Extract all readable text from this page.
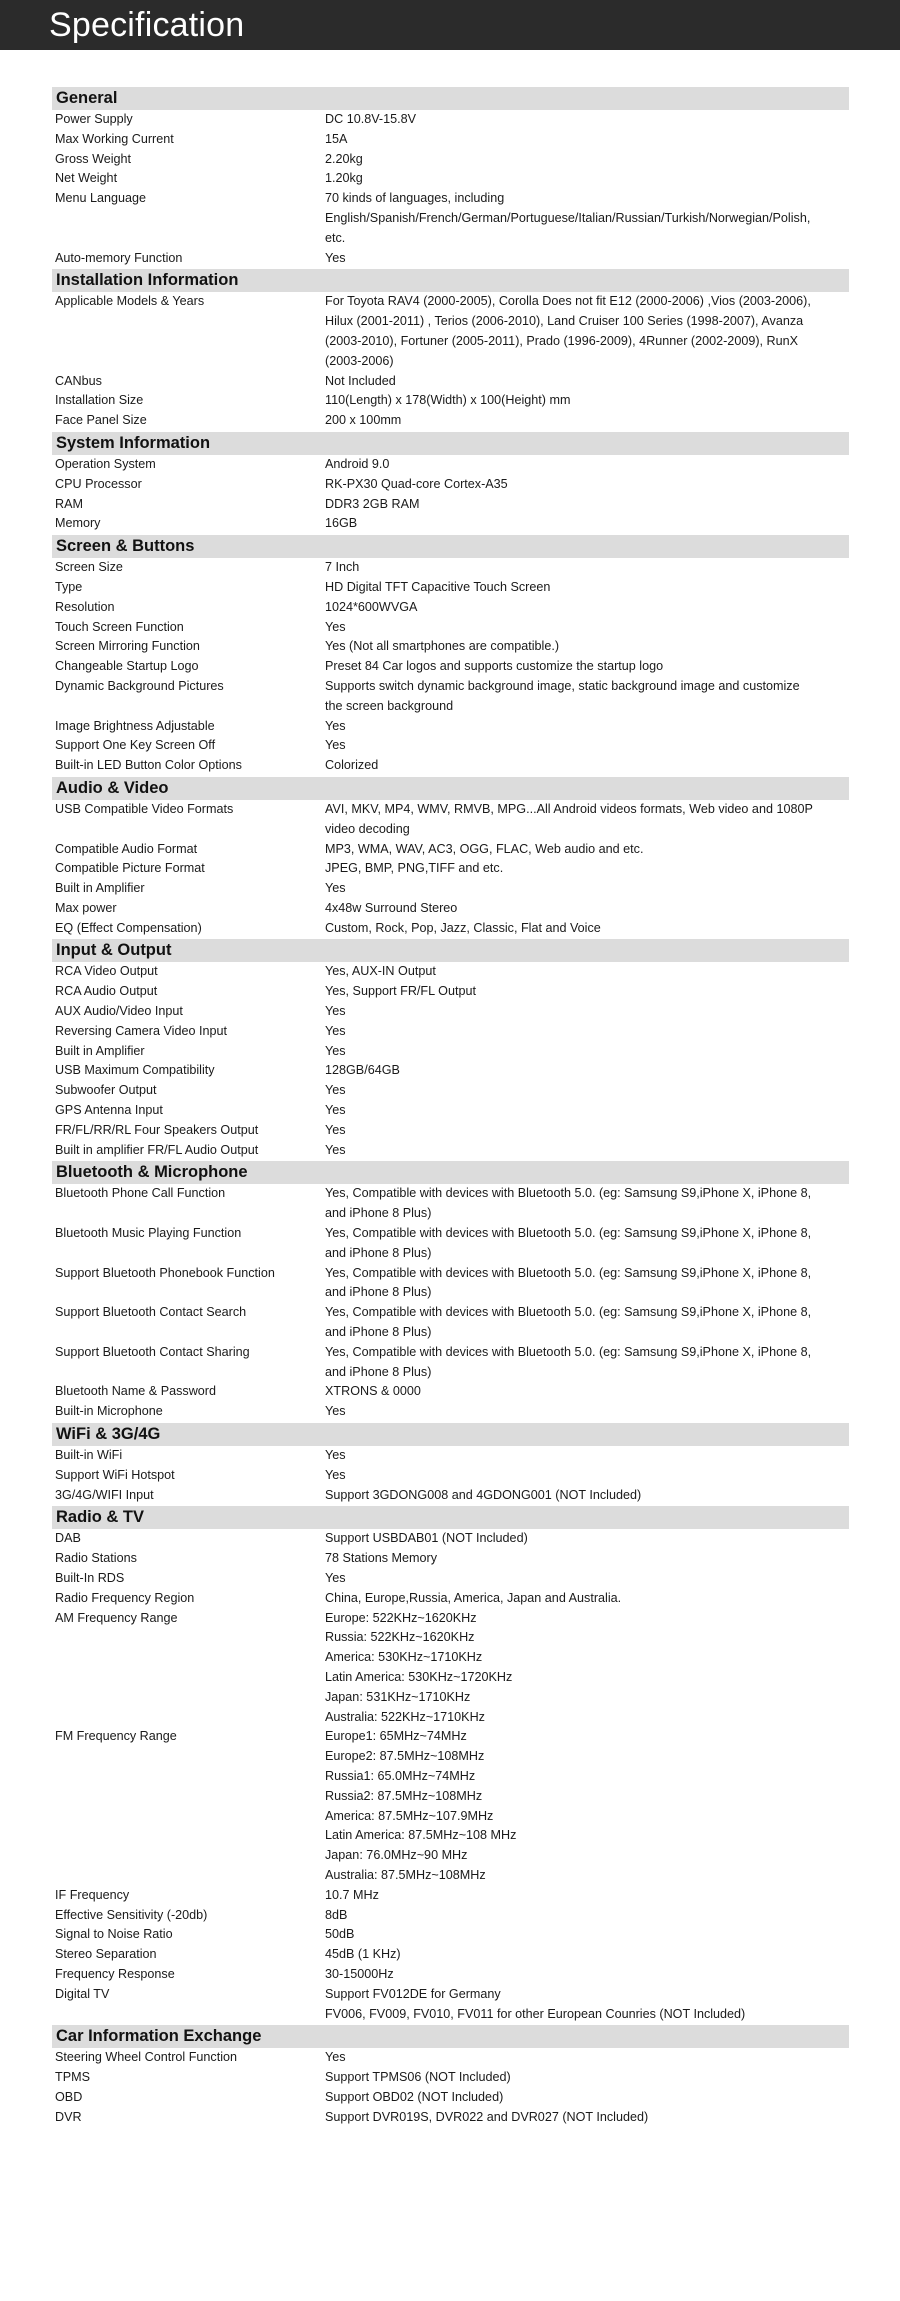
Specification
General
Power Supply	DC 10.8V-15.8V
Max Working Current	15A
Gross Weight	2.20kg
Net Weight	1.20kg
Menu Language	70 kinds of languages, including
English/Spanish/French/German/Portuguese/Italian/Russian/Turkish/Norwegian/Polish,
etc.
Auto-memory Function	Yes
Installation Information
Applicable Models & Years	For Toyota RAV4 (2000-2005), Corolla Does not fit E12 (2000-2006) ,Vios (2003-2006),
Hilux (2001-2011) , Terios (2006-2010), Land Cruiser 100 Series (1998-2007), Avanza
(2003-2010), Fortuner (2005-2011), Prado (1996-2009), 4Runner (2002-2009), RunX
(2003-2006)
CANbus	Not Included
Installation Size	110(Length) x 178(Width) x 100(Height) mm
Face Panel Size	200 x 100mm
System Information
Operation System	Android 9.0
CPU Processor	RK-PX30 Quad-core Cortex-A35
RAM	DDR3 2GB RAM
Memory	16GB
Screen & Buttons
Screen Size	7 Inch
Type	HD Digital TFT Capacitive Touch Screen
Resolution	1024*600WVGA
Touch Screen Function	Yes
Screen Mirroring Function	Yes (Not all smartphones are compatible.)
Changeable Startup Logo	Preset 84 Car logos and supports customize the startup logo
Dynamic Background Pictures	Supports switch dynamic background image, static background image and customize
the screen background
Image Brightness Adjustable	Yes
Support One Key Screen Off	Yes
Built-in LED Button Color Options	Colorized
Audio & Video
USB Compatible Video Formats	AVI, MKV, MP4, WMV, RMVB, MPG...All Android videos formats, Web video and 1080P
video decoding
Compatible Audio Format	MP3, WMA, WAV, AC3, OGG, FLAC, Web audio and etc.
Compatible Picture Format	JPEG, BMP, PNG,TIFF and etc.
Built in Amplifier	Yes
Max power	4x48w Surround Stereo
EQ (Effect Compensation)	Custom, Rock, Pop, Jazz, Classic, Flat and Voice
Input & Output
RCA Video Output	Yes, AUX-IN Output
RCA Audio Output	Yes, Support FR/FL Output
AUX Audio/Video Input	Yes
Reversing Camera Video Input	Yes
Built in Amplifier	Yes
USB Maximum Compatibility	128GB/64GB
Subwoofer Output	Yes
GPS Antenna Input	Yes
FR/FL/RR/RL Four Speakers Output	Yes
Built in amplifier FR/FL Audio Output	Yes
Bluetooth & Microphone
Bluetooth Phone Call Function	Yes, Compatible with devices with Bluetooth 5.0. (eg: Samsung S9,iPhone X, iPhone 8,
and iPhone 8 Plus)
Bluetooth Music Playing Function	Yes, Compatible with devices with Bluetooth 5.0. (eg: Samsung S9,iPhone X, iPhone 8,
and iPhone 8 Plus)
Support Bluetooth Phonebook Function	Yes, Compatible with devices with Bluetooth 5.0. (eg: Samsung S9,iPhone X, iPhone 8,
and iPhone 8 Plus)
Support Bluetooth Contact Search	Yes, Compatible with devices with Bluetooth 5.0. (eg: Samsung S9,iPhone X, iPhone 8,
and iPhone 8 Plus)
Support Bluetooth Contact Sharing	Yes, Compatible with devices with Bluetooth 5.0. (eg: Samsung S9,iPhone X, iPhone 8,
and iPhone 8 Plus)
Bluetooth Name & Password	XTRONS & 0000
Built-in Microphone	Yes
WiFi & 3G/4G
Built-in WiFi	Yes
Support WiFi Hotspot	Yes
3G/4G/WIFI Input	Support 3GDONG008 and 4GDONG001 (NOT Included)
Radio & TV
DAB	Support USBDAB01 (NOT Included)
Radio Stations	78 Stations Memory
Built-In RDS	Yes
Radio Frequency Region	China, Europe,Russia, America, Japan and Australia.
AM Frequency Range	Europe: 522KHz~1620KHz
Russia: 522KHz~1620KHz
America: 530KHz~1710KHz
Latin America: 530KHz~1720KHz
Japan: 531KHz~1710KHz
Australia: 522KHz~1710KHz
FM Frequency Range	Europe1: 65MHz~74MHz
Europe2: 87.5MHz~108MHz
Russia1: 65.0MHz~74MHz
Russia2: 87.5MHz~108MHz
America: 87.5MHz~107.9MHz
Latin America: 87.5MHz~108 MHz
Japan: 76.0MHz~90 MHz
Australia: 87.5MHz~108MHz
IF Frequency	10.7 MHz
Effective Sensitivity (-20db)	8dB
Signal to Noise Ratio	50dB
Stereo Separation	45dB (1 KHz)
Frequency Response	30-15000Hz
Digital TV	Support FV012DE for Germany
FV006, FV009, FV010, FV011 for other European Counries (NOT Included)
Car Information Exchange
Steering Wheel Control Function	Yes
TPMS	Support TPMS06 (NOT Included)
OBD	Support OBD02 (NOT Included)
DVR	Support DVR019S, DVR022 and DVR027 (NOT Included)
